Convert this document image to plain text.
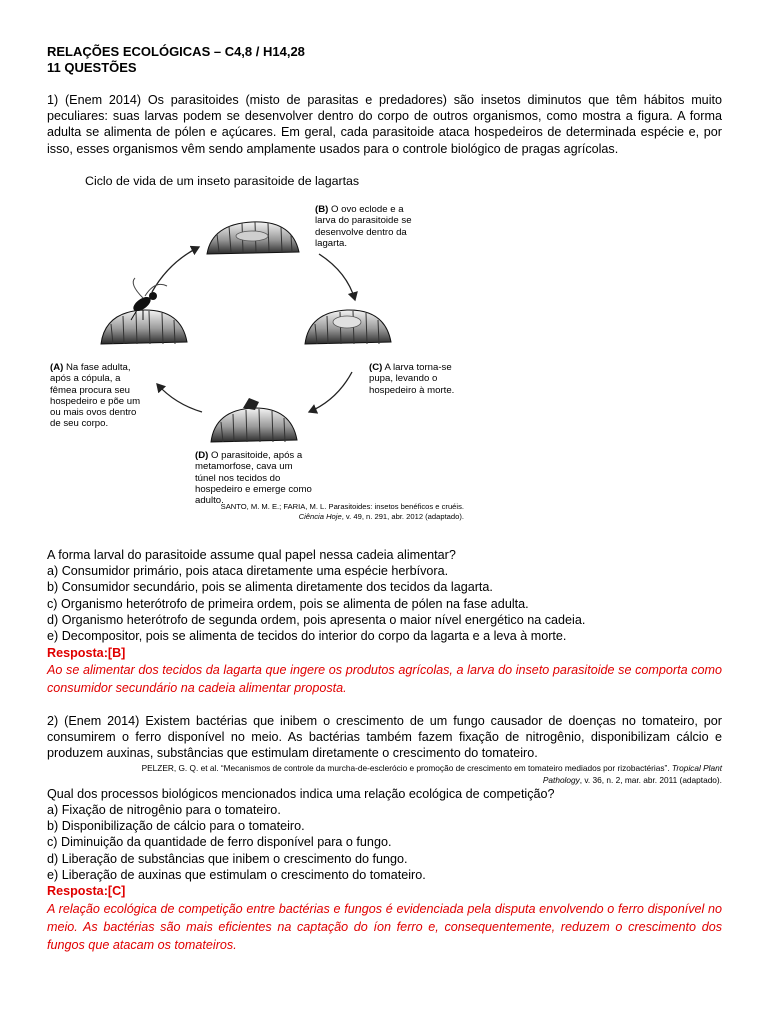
RELAÇÕES ECOLÓGICAS – C4,8 / H14,28
11 QUESTÕES
1) (Enem 2014) Os parasitoides (misto de parasitas e predadores) são insetos diminutos que têm hábitos muito peculiares: suas larvas podem se desenvolver dentro do corpo de outros organismos, como mostra a figura. A forma adulta se alimenta de pólen e açúcares. Em geral, cada parasitoide ataca hospedeiros de determinada espécie e, por isso, esses organismos vêm sendo amplamente usados para o controle biológico de pragas agrícolas.
Ciclo de vida de um inseto parasitoide de lagartas
(B) O ovo eclode e a larva do parasitoide se desenvolve dentro da lagarta.
(C) A larva torna-se pupa, levando o hospedeiro à morte.
(A) Na fase adulta, após a cópula, a fêmea procura seu hospedeiro e põe um ou mais ovos dentro de seu corpo.
(D) O parasitoide, após a metamorfose, cava um túnel nos tecidos do hospedeiro e emerge como adulto.
SANTO, M. M. E.; FARIA, M. L. Parasitoides: insetos benéficos e cruéis.
Ciência Hoje, v. 49, n. 291, abr. 2012 (adaptado).
A forma larval do parasitoide assume qual papel nessa cadeia alimentar?
a) Consumidor primário, pois ataca diretamente uma espécie herbívora.
b) Consumidor secundário, pois se alimenta diretamente dos tecidos da lagarta.
c) Organismo heterótrofo de primeira ordem, pois se alimenta de pólen na fase adulta.
d) Organismo heterótrofo de segunda ordem, pois apresenta o maior nível energético na cadeia.
e) Decompositor, pois se alimenta de tecidos do interior do corpo da lagarta e a leva à morte.
Resposta:[B]
Ao se alimentar dos tecidos da lagarta que ingere os produtos agrícolas, a larva do inseto parasitoide se comporta como consumidor secundário na cadeia alimentar proposta.
2) (Enem 2014) Existem bactérias que inibem o crescimento de um fungo causador de doenças no tomateiro, por consumirem o ferro disponível no meio. As bactérias também fazem fixação de nitrogênio, disponibilizam cálcio e produzem auxinas, substâncias que estimulam diretamente o crescimento do tomateiro.
PELZER, G. Q. et al. “Mecanismos de controle da murcha-de-esclerócio e promoção de crescimento em tomateiro mediados por rizobactérias”. Tropical Plant
Pathology, v. 36, n. 2, mar. abr. 2011 (adaptado).
Qual dos processos biológicos mencionados indica uma relação ecológica de competição?
a) Fixação de nitrogênio para o tomateiro.
b) Disponibilização de cálcio para o tomateiro.
c) Diminuição da quantidade de ferro disponível para o fungo.
d) Liberação de substâncias que inibem o crescimento do fungo.
e) Liberação de auxinas que estimulam o crescimento do tomateiro.
Resposta:[C]
A relação ecológica de competição entre bactérias e fungos é evidenciada pela disputa envolvendo o ferro disponível no meio. As bactérias são mais eficientes na captação do íon ferro e, consequentemente, reduzem o crescimento dos fungos que atacam os tomateiros.
